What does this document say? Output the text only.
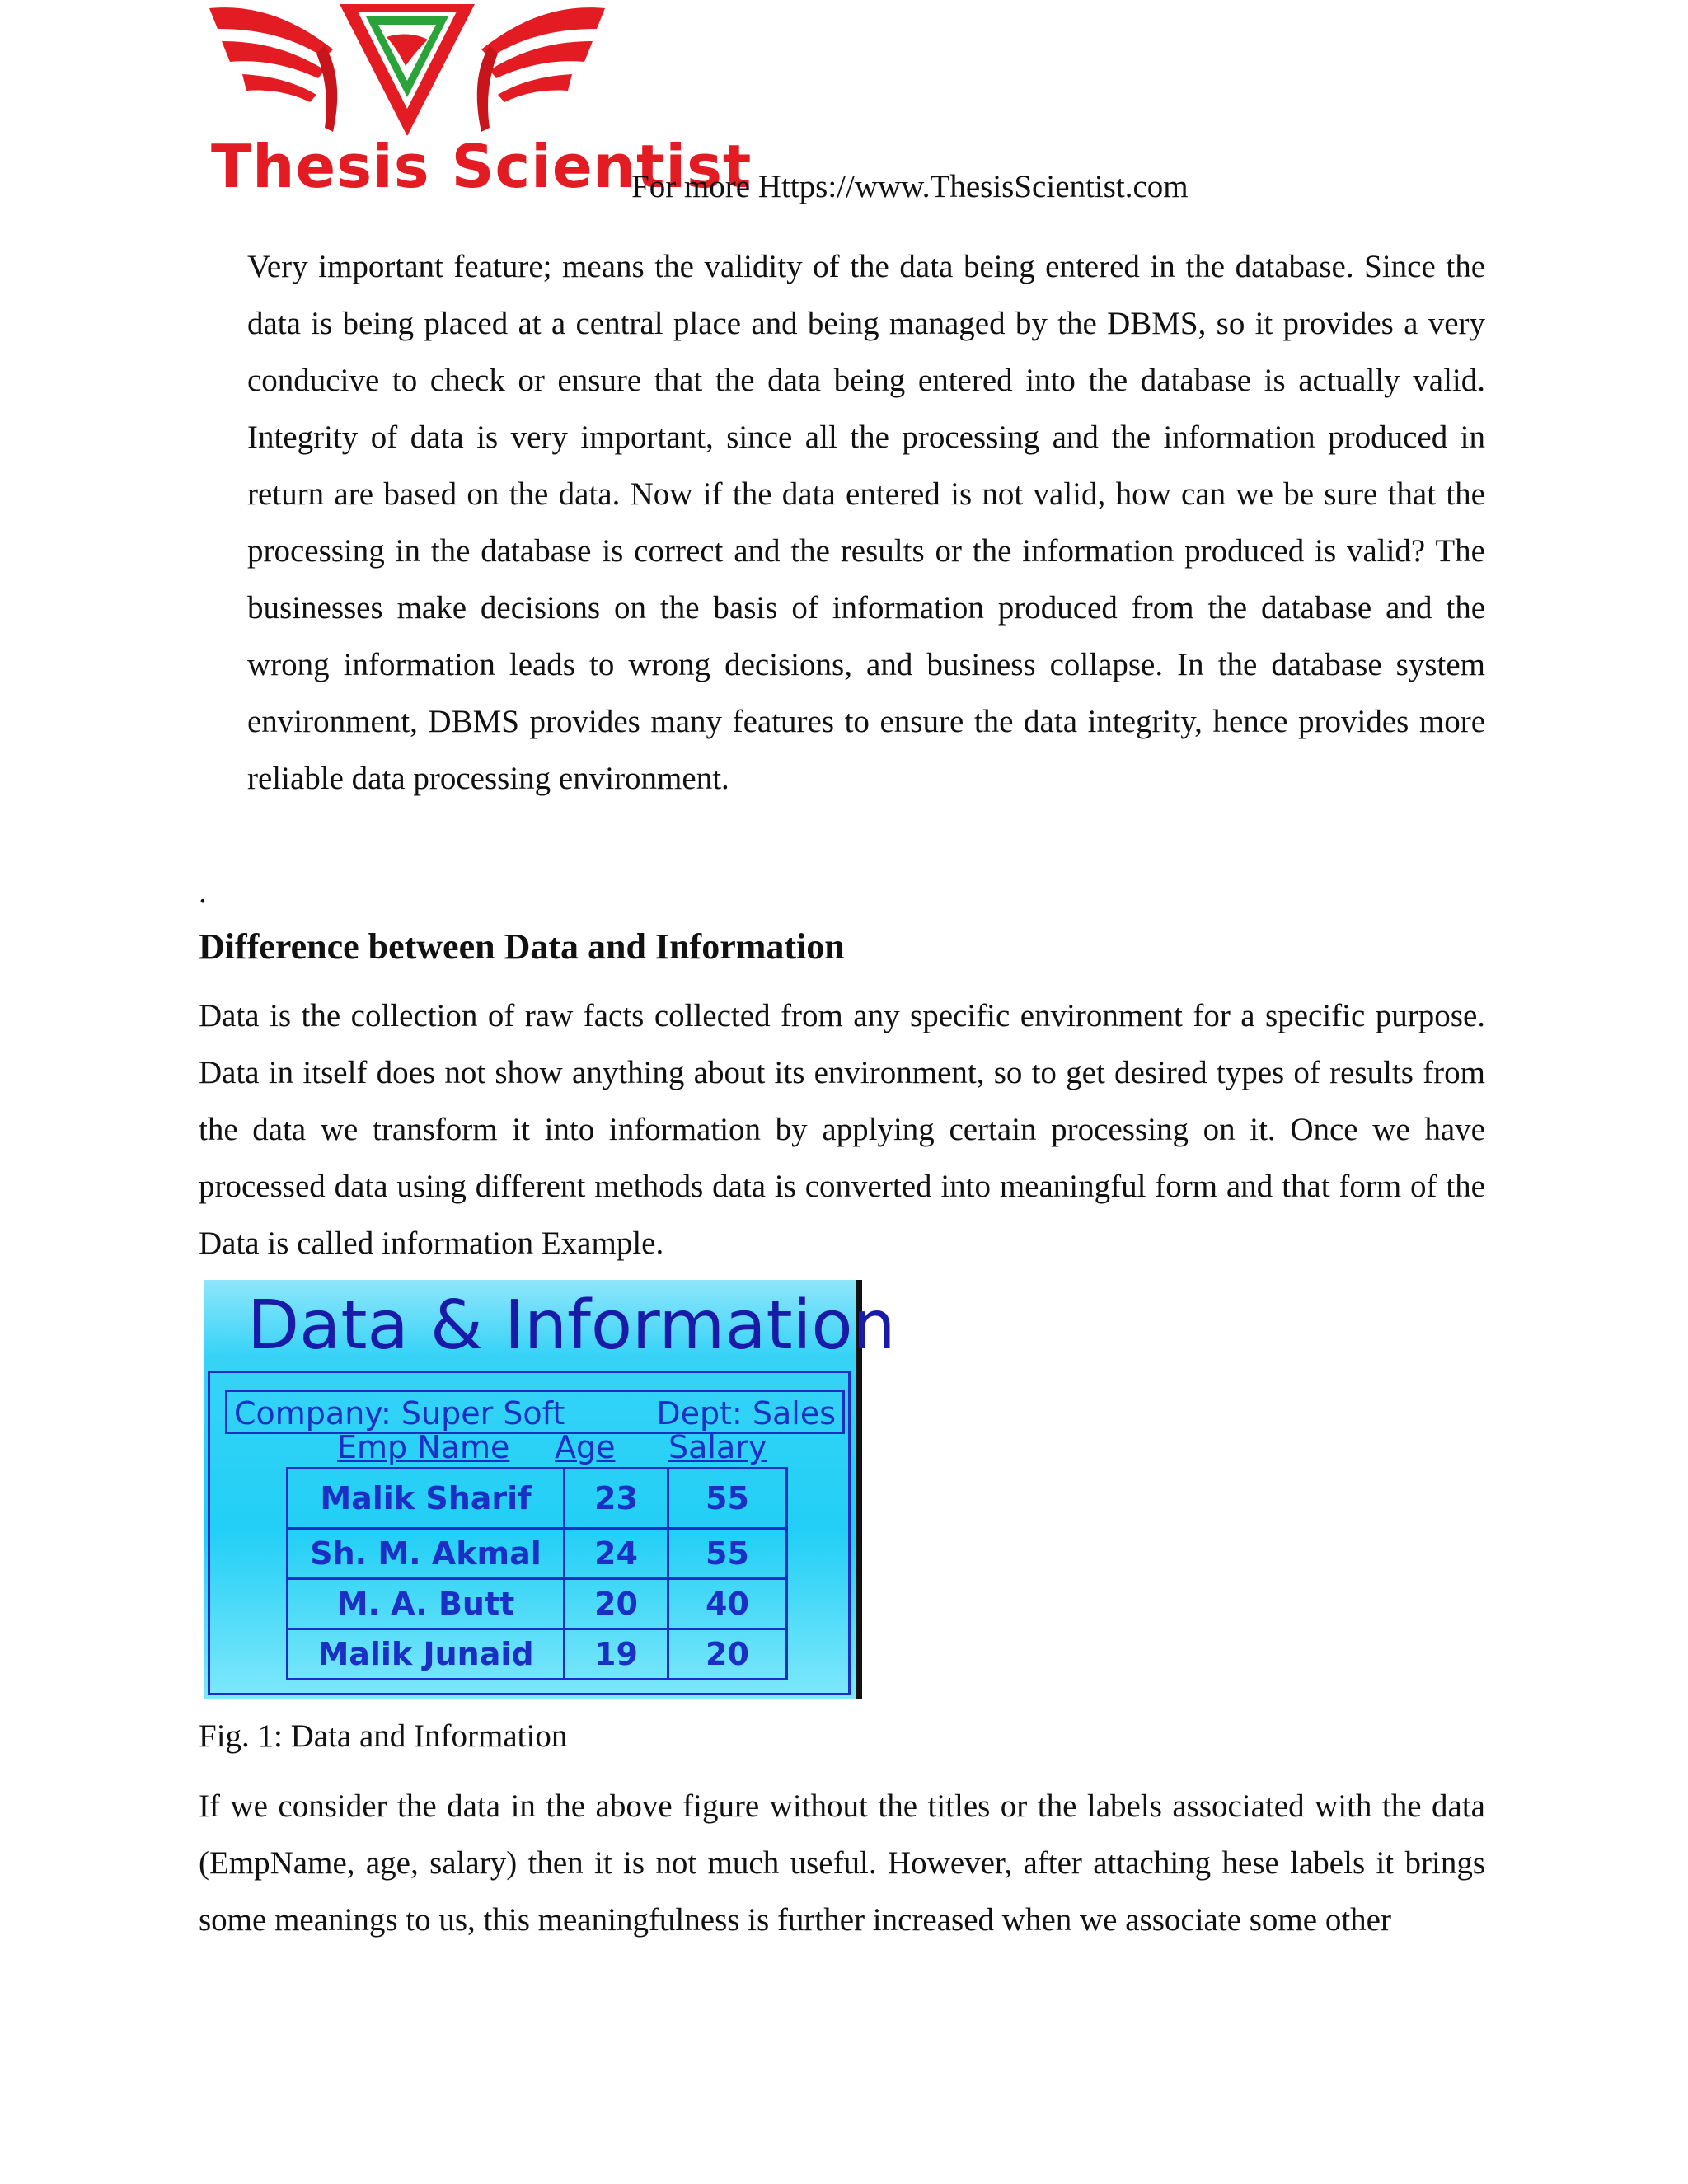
Thesis Scientist
For more Https://www.ThesisScientist.com

Very important feature; means the validity of the data being entered in the database. Since the data is being placed at a central place and being managed by the DBMS, so it provides a very conducive to check or ensure that the data being entered into the database is actually valid. Integrity of data is very important, since all the processing and the information produced in return are based on the data. Now if the data entered is not valid, how can we be sure that the processing in the database is correct and the results or the information produced is valid? The businesses make decisions on the basis of information produced from the database and the wrong information leads to wrong decisions, and business collapse. In the database system environment, DBMS provides many features to ensure the data integrity, hence provides more reliable data processing environment.

.
Difference between Data and Information

Data is the collection of raw facts collected from any specific environment for a specific purpose. Data in itself does not show anything about its environment, so to get desired types of results from the data we transform it into information by applying certain processing on it. Once we have processed data using different methods data is converted into meaningful form and that form of the Data is called information Example.

Data & Information
Company: Super Soft	Dept: Sales
Emp Name Age Salary
Malik Sharif	23	55
Sh. M. Akmal	24	55
M. A. Butt	20	40
Malik Junaid	19	20
Fig. 1: Data and Information

If we consider the data in the above figure without the titles or the labels associated with the data (EmpName, age, salary) then it is not much useful. However, after attaching hese labels it brings some meanings to us, this meaningfulness is further increased when we associate some other
